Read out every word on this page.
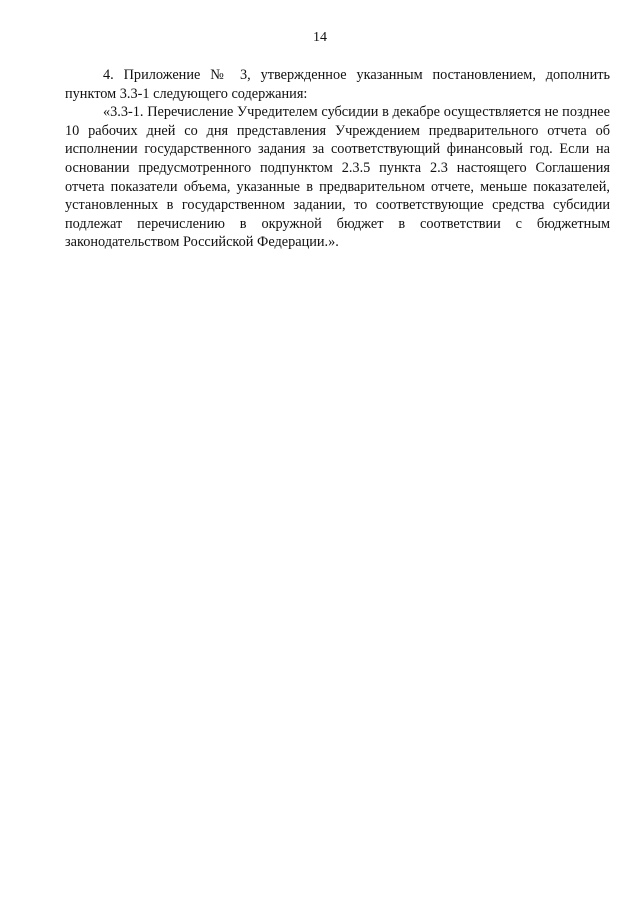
14

4. Приложение № 3, утвержденное указанным постановлением, дополнить пунктом 3.3-1 следующего содержания:

«3.3-1. Перечисление Учредителем субсидии в декабре осуществляется не позднее 10 рабочих дней со дня представления Учреждением предварительного отчета об исполнении государственного задания за соответствующий финансовый год. Если на основании предусмотренного подпунктом 2.3.5 пункта 2.3 настоящего Соглашения отчета показатели объема, указанные в предварительном отчете, меньше показателей, установленных в государственном задании, то соответствующие средства субсидии подлежат перечислению в окружной бюджет в соответствии с бюджетным законодательством Российской Федерации.».
